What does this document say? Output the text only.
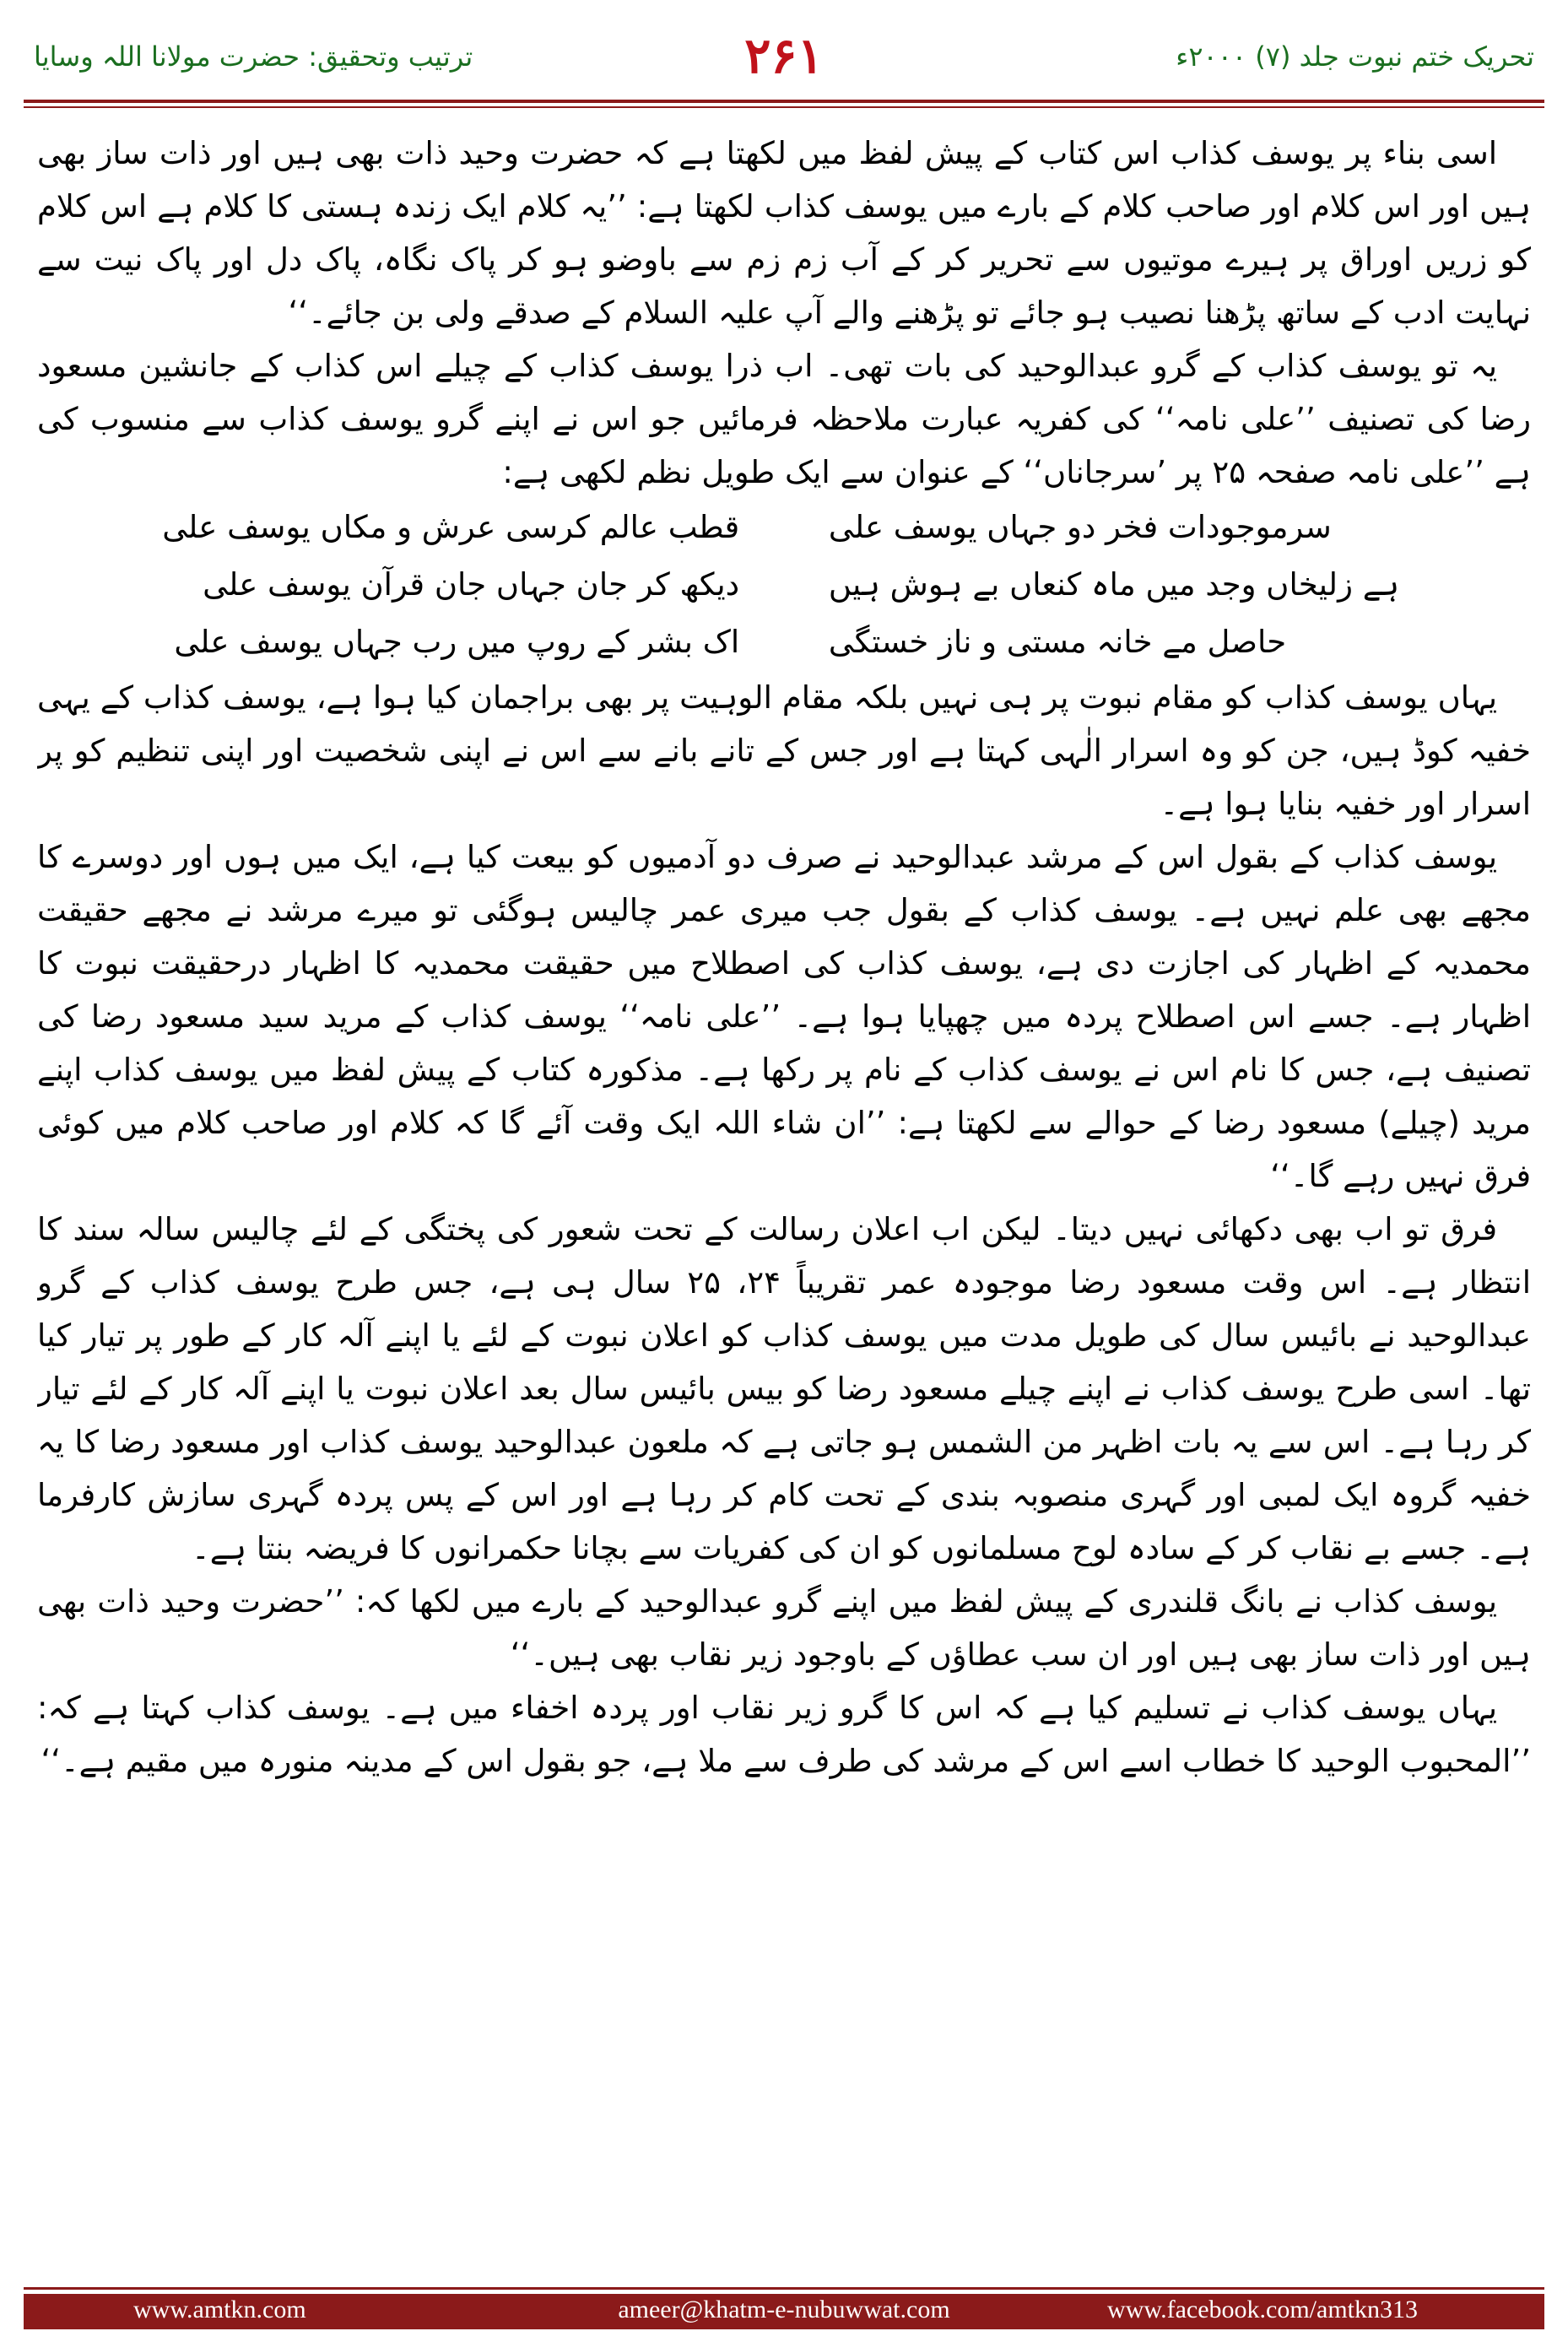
ترتیب وتحقیق: حضرت مولانا اللہ وسایا	۲۶۱	تحریک ختم نبوت جلد (۷) ۲۰۰۰ء

اسی بناء پر یوسف کذاب اس کتاب کے پیش لفظ میں لکھتا ہے کہ حضرت وحید ذات بھی ہیں اور ذات ساز بھی ہیں اور اس کلام اور صاحب کلام کے بارے میں یوسف کذاب لکھتا ہے: ’’یہ کلام ایک زندہ ہستی کا کلام ہے اس کلام کو زریں اوراق پر ہیرے موتیوں سے تحریر کر کے آب زم زم سے باوضو ہو کر پاک نگاہ، پاک دل اور پاک نیت سے نہایت ادب کے ساتھ پڑھنا نصیب ہو جائے تو پڑھنے والے آپ علیہ السلام کے صدقے ولی بن جائے۔‘‘

یہ تو یوسف کذاب کے گرو عبدالوحید کی بات تھی۔ اب ذرا یوسف کذاب کے چیلے اس کذاب کے جانشین مسعود رضا کی تصنیف ’’علی نامہ‘‘ کی کفریہ عبارت ملاحظہ فرمائیں جو اس نے اپنے گرو یوسف کذاب سے منسوب کی ہے ’’علی نامہ صفحہ ۲۵ پر ’سرجاناں‘‘ کے عنوان سے ایک طویل نظم لکھی ہے:

سرموجودات فخر دو جہاں یوسف علی
قطب عالم کرسی عرش و مکاں یوسف علی
ہے زلیخاں وجد میں ماہ کنعاں بے ہوش ہیں
دیکھ کر جان جہاں جان قرآن یوسف علی
حاصل مے خانہ مستی و ناز خستگی
اک بشر کے روپ میں رب جہاں یوسف علی

یہاں یوسف کذاب کو مقام نبوت پر ہی نہیں بلکہ مقام الوہیت پر بھی براجمان کیا ہوا ہے، یوسف کذاب کے یہی خفیہ کوڈ ہیں، جن کو وہ اسرار الٰہی کہتا ہے اور جس کے تانے بانے سے اس نے اپنی شخصیت اور اپنی تنظیم کو پر اسرار اور خفیہ بنایا ہوا ہے۔

یوسف کذاب کے بقول اس کے مرشد عبدالوحید نے صرف دو آدمیوں کو بیعت کیا ہے، ایک میں ہوں اور دوسرے کا مجھے بھی علم نہیں ہے۔ یوسف کذاب کے بقول جب میری عمر چالیس ہوگئی تو میرے مرشد نے مجھے حقیقت محمدیہ کے اظہار کی اجازت دی ہے، یوسف کذاب کی اصطلاح میں حقیقت محمدیہ کا اظہار درحقیقت نبوت کا اظہار ہے۔ جسے اس اصطلاح پردہ میں چھپایا ہوا ہے۔ ’’علی نامہ‘‘ یوسف کذاب کے مرید سید مسعود رضا کی تصنیف ہے، جس کا نام اس نے یوسف کذاب کے نام پر رکھا ہے۔ مذکورہ کتاب کے پیش لفظ میں یوسف کذاب اپنے مرید (چیلے) مسعود رضا کے حوالے سے لکھتا ہے: ’’ان شاء اللہ ایک وقت آئے گا کہ کلام اور صاحب کلام میں کوئی فرق نہیں رہے گا۔‘‘

فرق تو اب بھی دکھائی نہیں دیتا۔ لیکن اب اعلان رسالت کے تحت شعور کی پختگی کے لئے چالیس سالہ سند کا انتظار ہے۔ اس وقت مسعود رضا موجودہ عمر تقریباً ۲۴، ۲۵ سال ہی ہے، جس طرح یوسف کذاب کے گرو عبدالوحید نے بائیس سال کی طویل مدت میں یوسف کذاب کو اعلان نبوت کے لئے یا اپنے آلہ کار کے طور پر تیار کیا تھا۔ اسی طرح یوسف کذاب نے اپنے چیلے مسعود رضا کو بیس بائیس سال بعد اعلان نبوت یا اپنے آلہ کار کے لئے تیار کر رہا ہے۔ اس سے یہ بات اظہر من الشمس ہو جاتی ہے کہ ملعون عبدالوحید یوسف کذاب اور مسعود رضا کا یہ خفیہ گروہ ایک لمبی اور گہری منصوبہ بندی کے تحت کام کر رہا ہے اور اس کے پس پردہ گہری سازش کارفرما ہے۔ جسے بے نقاب کر کے سادہ لوح مسلمانوں کو ان کی کفریات سے بچانا حکمرانوں کا فریضہ بنتا ہے۔

یوسف کذاب نے بانگ قلندری کے پیش لفظ میں اپنے گرو عبدالوحید کے بارے میں لکھا کہ: ’’حضرت وحید ذات بھی ہیں اور ذات ساز بھی ہیں اور ان سب عطاؤں کے باوجود زیر نقاب بھی ہیں۔‘‘

یہاں یوسف کذاب نے تسلیم کیا ہے کہ اس کا گرو زیر نقاب اور پردہ اخفاء میں ہے۔ یوسف کذاب کہتا ہے کہ: ’’المحبوب الوحید کا خطاب اسے اس کے مرشد کی طرف سے ملا ہے، جو بقول اس کے مدینہ منورہ میں مقیم ہے۔‘‘

www.amtkn.com	ameer@khatm-e-nubuwwat.com	www.facebook.com/amtkn313
